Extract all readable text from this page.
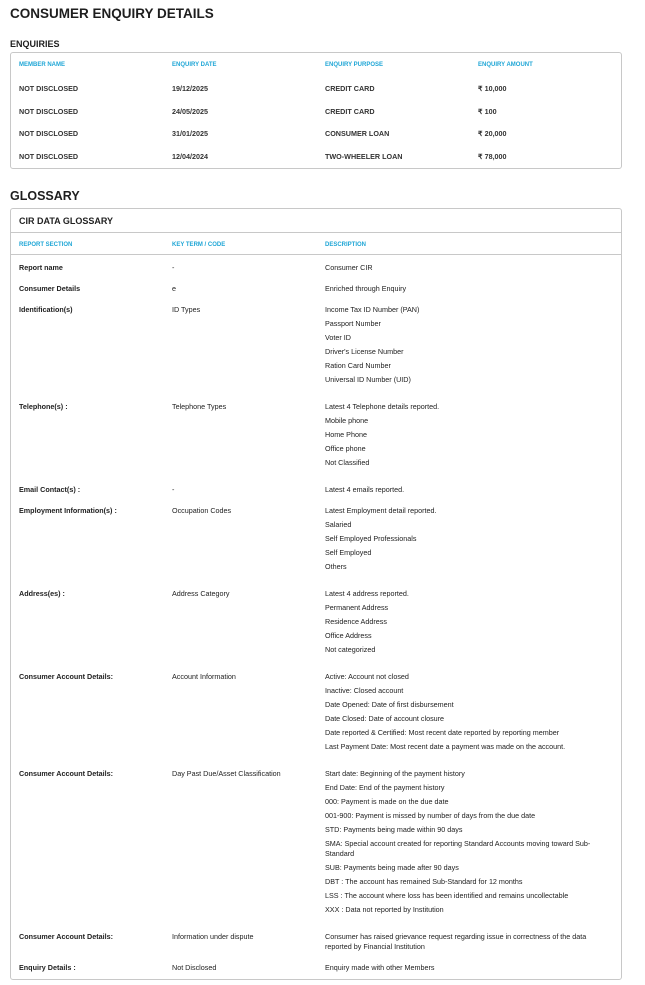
CONSUMER ENQUIRY DETAILS
ENQUIRIES
MEMBER NAME	ENQUIRY DATE	ENQUIRY PURPOSE	ENQUIRY AMOUNT
NOT DISCLOSED	19/12/2025	CREDIT CARD	₹ 10,000
NOT DISCLOSED	24/05/2025	CREDIT CARD	₹ 100
NOT DISCLOSED	31/01/2025	CONSUMER LOAN	₹ 20,000
NOT DISCLOSED	12/04/2024	TWO-WHEELER LOAN	₹ 78,000
GLOSSARY
CIR DATA GLOSSARY
REPORT SECTION	KEY TERM / CODE	DESCRIPTION
Report name	-	Consumer CIR
Consumer Details	e	Enriched through Enquiry
Identification(s)	ID Types	Income Tax ID Number (PAN)
Passport Number
Voter ID
Driver's License Number
Ration Card Number
Universal ID Number (UID)
Telephone(s) :	Telephone Types	Latest 4 Telephone details reported.
Mobile phone
Home Phone
Office phone
Not Classified
Email Contact(s) :	-	Latest 4 emails reported.
Employment Information(s) :	Occupation Codes	Latest Employment detail reported.
Salaried
Self Employed Professionals
Self Employed
Others
Address(es) :	Address Category	Latest 4 address reported.
Permanent Address
Residence Address
Office Address
Not categorized
Consumer Account Details:	Account Information	Active: Account not closed
Inactive: Closed account
Date Opened: Date of first disbursement
Date Closed: Date of account closure
Date reported & Certified: Most recent date reported by reporting member
Last Payment Date: Most recent date a payment was made on the account.
Consumer Account Details:	Day Past Due/Asset Classification	Start date: Beginning of the payment history
End Date: End of the payment history
000: Payment is made on the due date
001-900: Payment is missed by number of days from the due date
STD: Payments being made within 90 days
SMA: Special account created for reporting Standard Accounts moving toward Sub-Standard
SUB: Payments being made after 90 days
DBT : The account has remained Sub-Standard for 12 months
LSS : The account where loss has been identified and remains uncollectable
XXX : Data not reported by Institution
Consumer Account Details:	Information under dispute	Consumer has raised grievance request regarding issue in correctness of the data reported by Financial Institution
Enquiry Details :	Not Disclosed	Enquiry made with other Members
